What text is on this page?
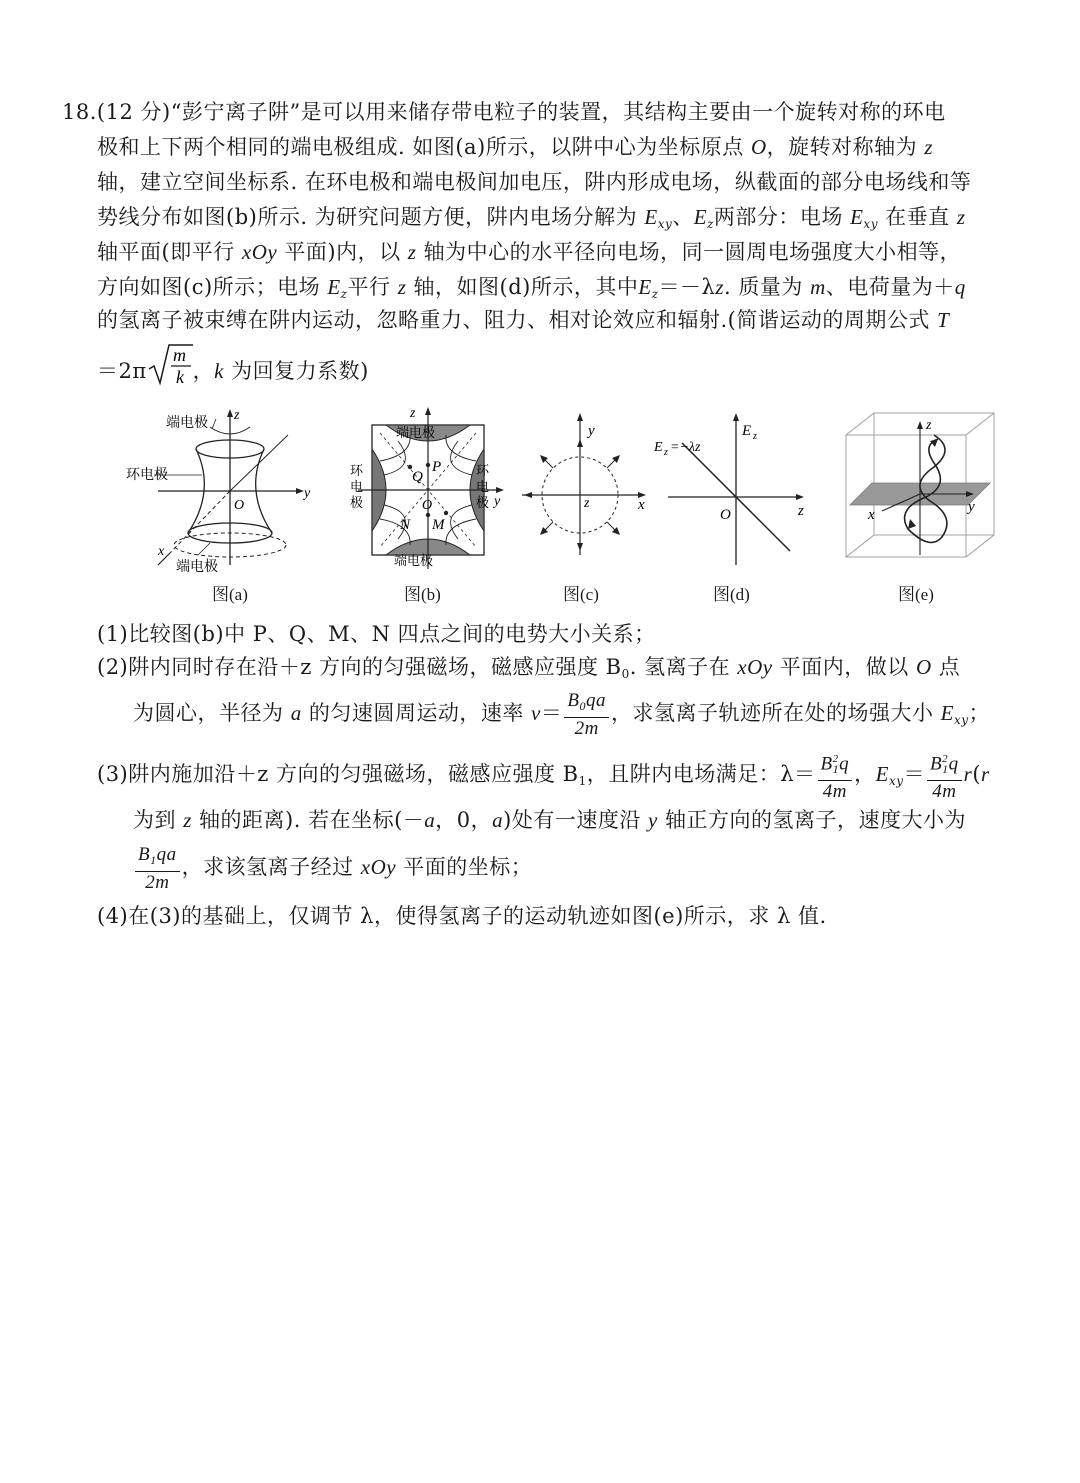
18.(12 分)“彭宁离子阱”是可以用来储存带电粒子的装置，其结构主要由一个旋转对称的环电
极和上下两个相同的端电极组成. 如图(a)所示，以阱中心为坐标原点 O，旋转对称轴为 z
轴，建立空间坐标系. 在环电极和端电极间加电压，阱内形成电场，纵截面的部分电场线和等
势线分布如图(b)所示. 为研究问题方便，阱内电场分解为 $E_{xy}$、$E_z$两部分：电场 $E_{xy}$ 在垂直 z
轴平面(即平行 xOy 平面)内，以 z 轴为中心的水平径向电场，同一圆周电场强度大小相等，
方向如图(c)所示；电场 $E_z$平行 z 轴，如图(d)所示，其中$E_z=-\lambda z$. 质量为 m、电荷量为＋q
的氢离子被束缚在阱内运动，忽略重力、阻力、相对论效应和辐射.(简谐运动的周期公式 T
＝2π
m
k ，k 为回复力系数)
端电极
环电极
端电极
z
y
x
O
端电极
端电极
环
电
极
环
电
极
P
Q
M
N
O
z
y
y
x
z
E z
E z =−λz
O	z
z
x	y
图(a)	图(b)	图(c)	图(d)	图(e)
(1)比较图(b)中 P、Q、M、N 四点之间的电势大小关系；
(2)阱内同时存在沿＋z 方向的匀强磁场，磁感应强度 $B_0$. 氢离子在 xOy 平面内，做以 O 点
为圆心，半径为 a 的匀速圆周运动，速率 $v= \frac{B_0qa}{2m}$ ，求氢离子轨迹所在处的场强大小 $E_{xy}$；
(3)阱内施加沿＋z 方向的匀强磁场，磁感应强度 $B_1$，且阱内电场满足：$\lambda= \frac{B^2_1q}{4m}$ ，$E_{xy}= \frac{B^2_1q}{4m} r(r$
为到 z 轴的距离). 若在坐标(－a，0，a)处有一速度沿 y 轴正方向的氢离子，速度大小为
$\frac{B_1qa}{2m}$ ，求该氢离子经过 xOy 平面的坐标；
(4)在(3)的基础上，仅调节 λ，使得氢离子的运动轨迹如图(e)所示，求 λ 值.
